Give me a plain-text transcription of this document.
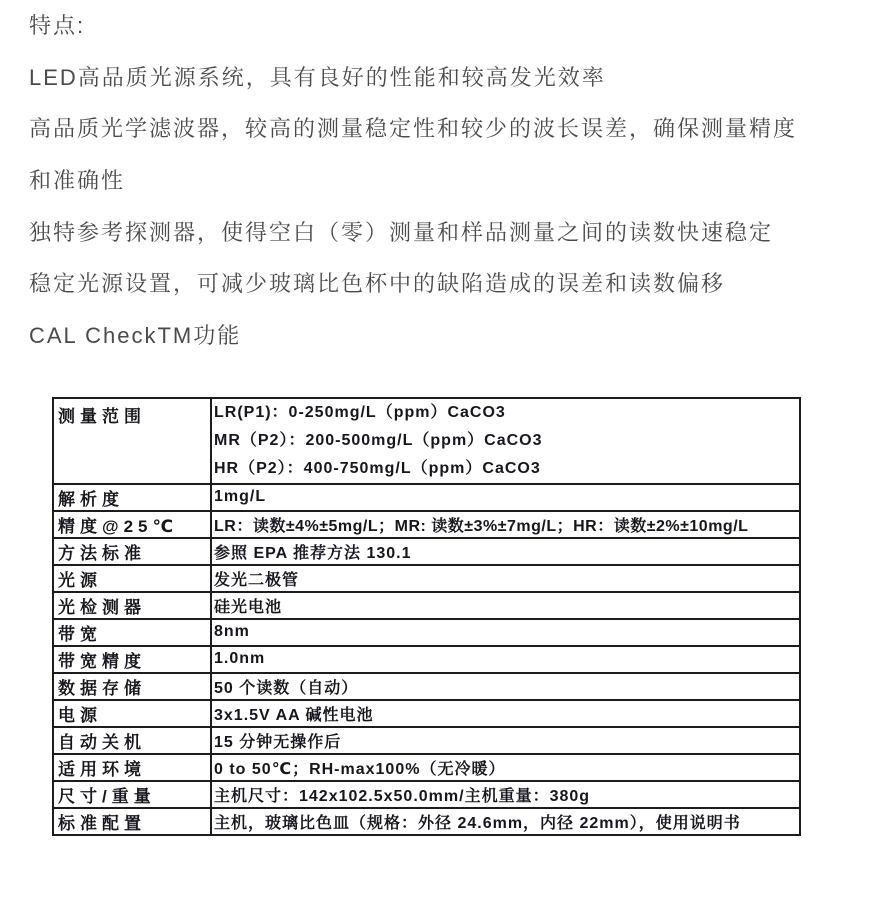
特点:
LED高品质光源系统，具有良好的性能和较高发光效率
高品质光学滤波器，较高的测量稳定性和较少的波长误差，确保测量精度
和准确性
独特参考探测器，使得空白（零）测量和样品测量之间的读数快速稳定
稳定光源设置，可减少玻璃比色杯中的缺陷造成的误差和读数偏移
CAL CheckTM功能
测量范围	LR(P1)：0-250mg/L（ppm）CaCO3
MR（P2）：200-500mg/L（ppm）CaCO3
HR（P2）：400-750mg/L（ppm）CaCO3

解析度	1mg/L
精度@25℃	LR：读数±4%±5mg/L；MR: 读数±3%±7mg/L；HR：读数±2%±10mg/L
方法标准	参照 EPA 推荐方法 130.1
光源	发光二极管
光检测器	硅光电池
带宽	8nm
带宽精度	1.0nm
数据存储	50 个读数（自动）
电源	3x1.5V AA 碱性电池
自动关机	15 分钟无操作后
适用环境	0 to 50℃；RH-max100%（无冷暖）
尺寸/重量	主机尺寸：142x102.5x50.0mm/主机重量：380g
标准配置	主机，玻璃比色皿（规格：外径 24.6mm，内径 22mm），使用说明书
